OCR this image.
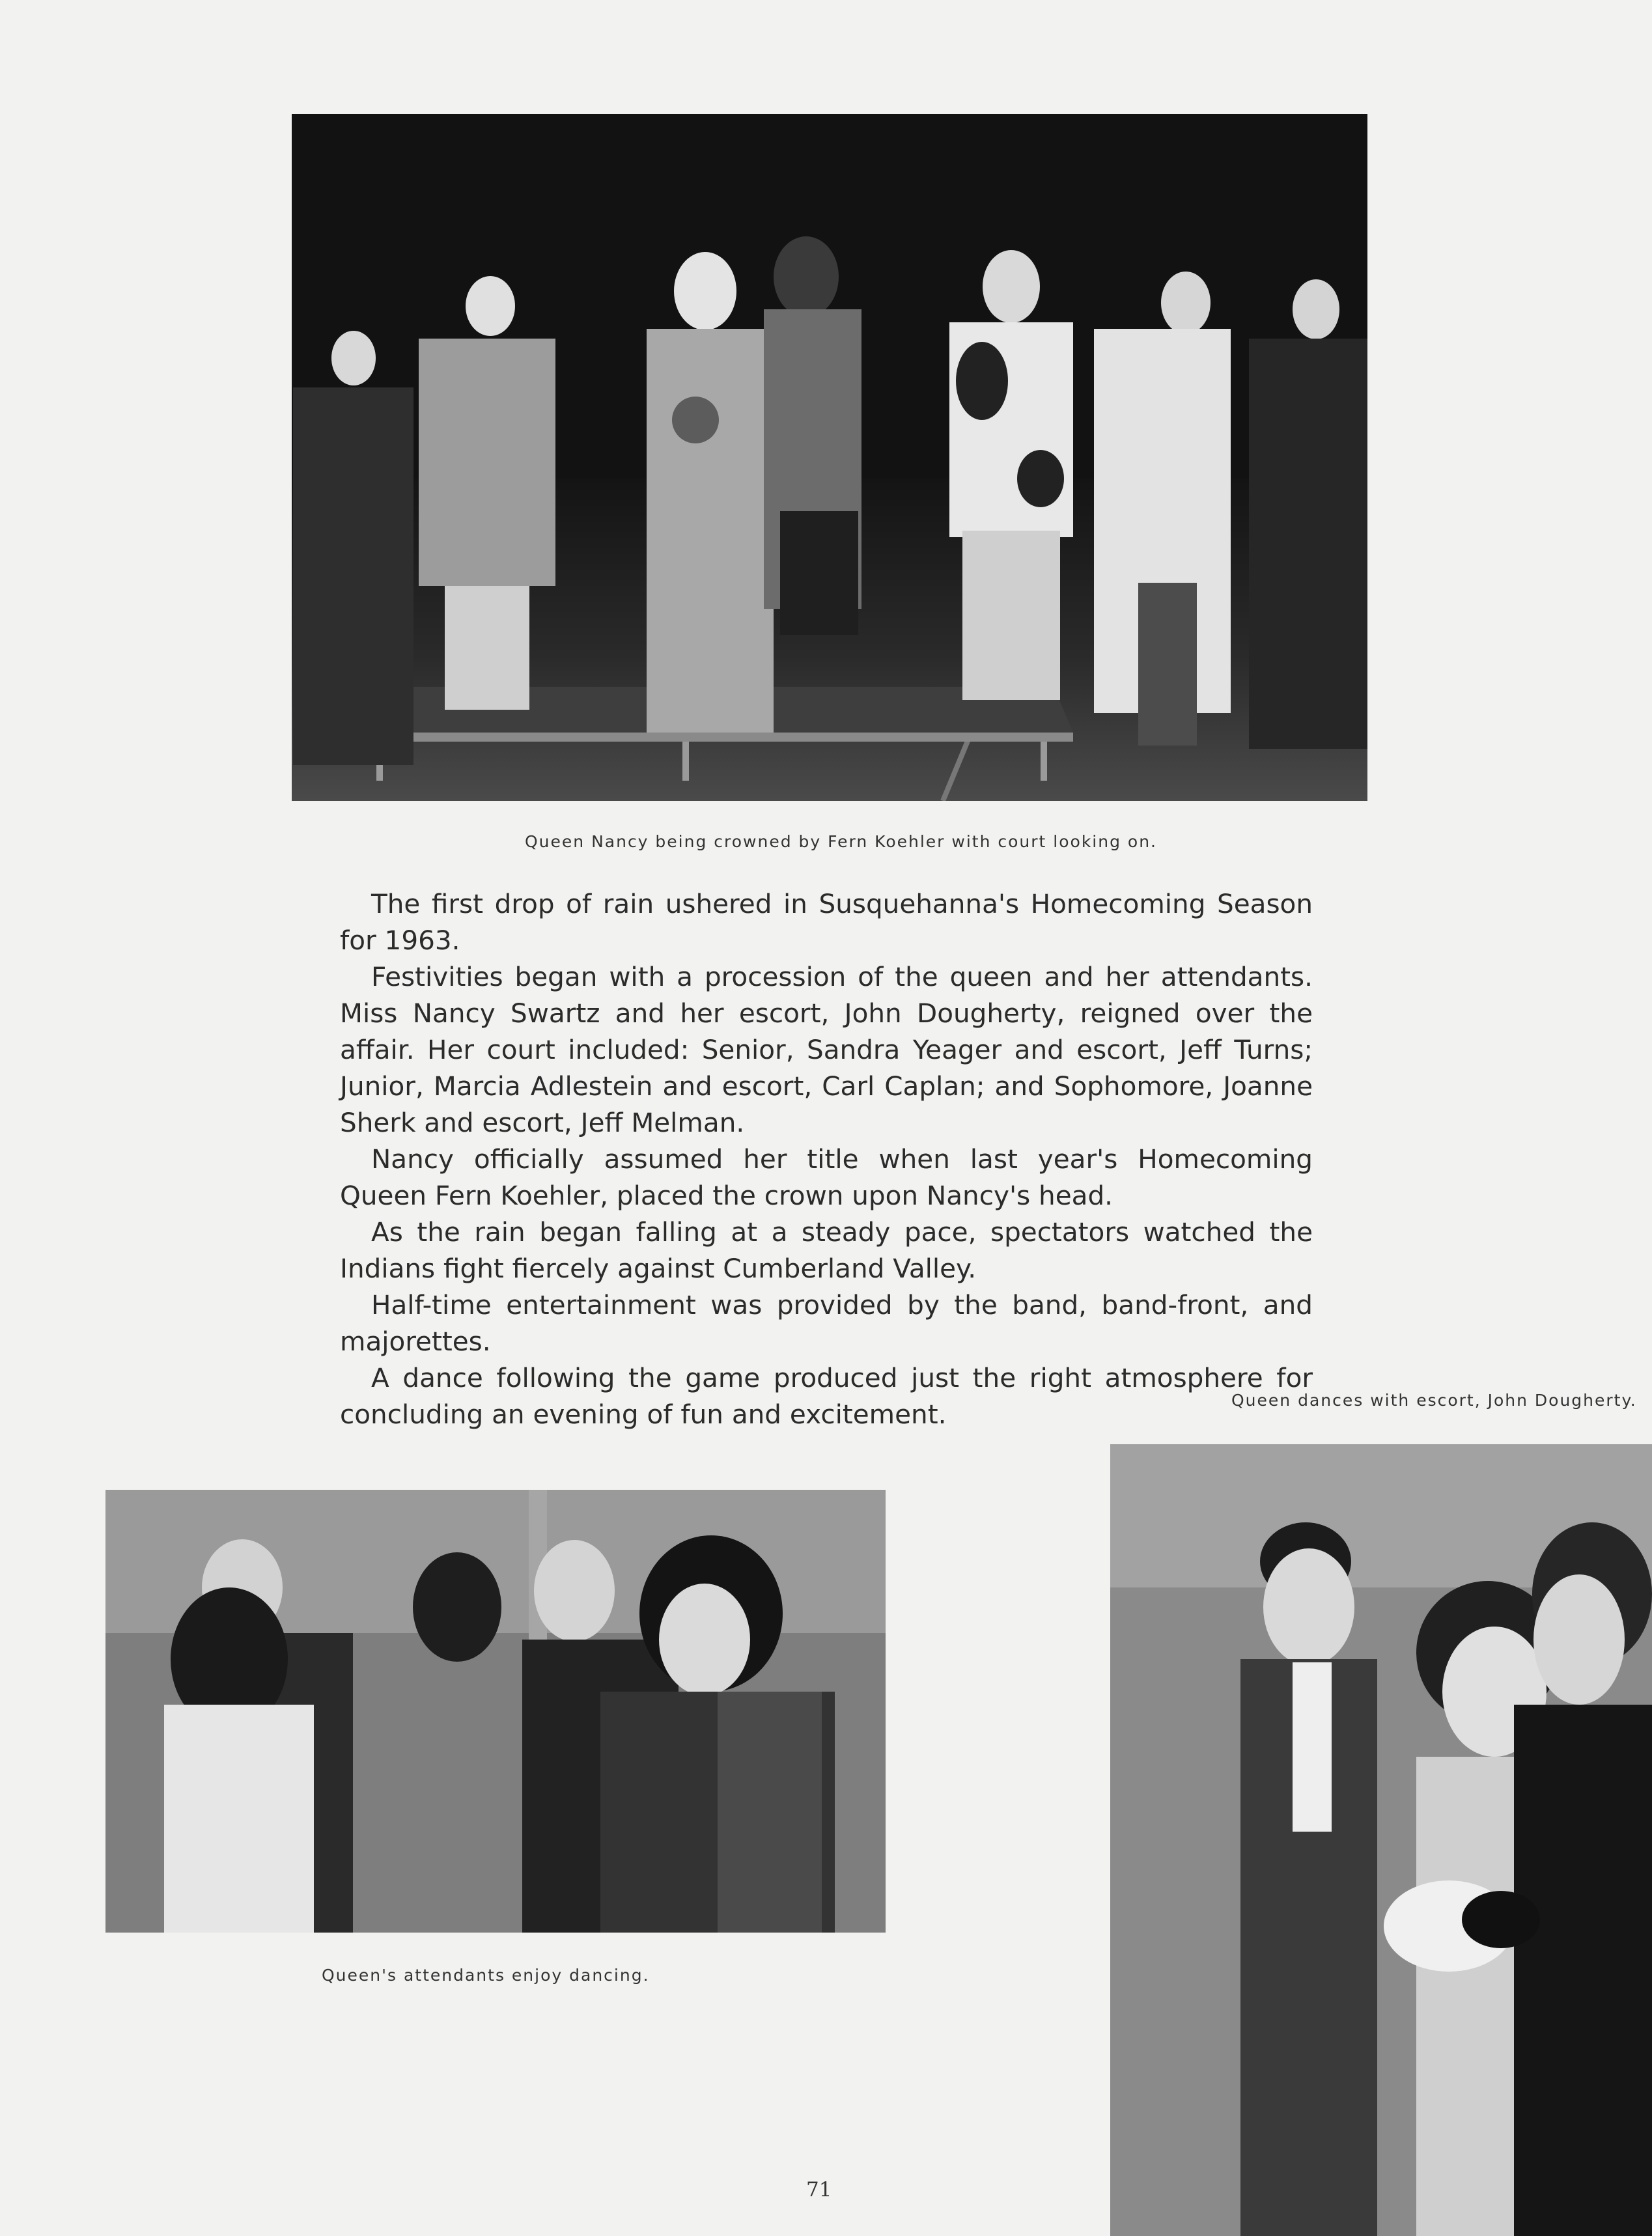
Queen Nancy being crowned by Fern Koehler with court looking on.

The first drop of rain ushered in Susquehanna's Homecoming Season for 1963.

Festivities began with a procession of the queen and her attendants. Miss Nancy Swartz and her escort, John Dougherty, reigned over the affair. Her court included: Senior, Sandra Yeager and escort, Jeff Turns; Junior, Marcia Adlestein and escort, Carl Caplan; and Sophomore, Joanne Sherk and escort, Jeff Melman.

Nancy officially assumed her title when last year's Homecoming Queen Fern Koehler, placed the crown upon Nancy's head.

As the rain began falling at a steady pace, spectators watched the Indians fight fiercely against Cumberland Valley.

Half-time entertainment was provided by the band, band-front, and majorettes.

A dance following the game produced just the right atmosphere for concluding an evening of fun and excitement.	Queen dances with escort, John Dougherty.
Queen's attendants enjoy dancing.
71
